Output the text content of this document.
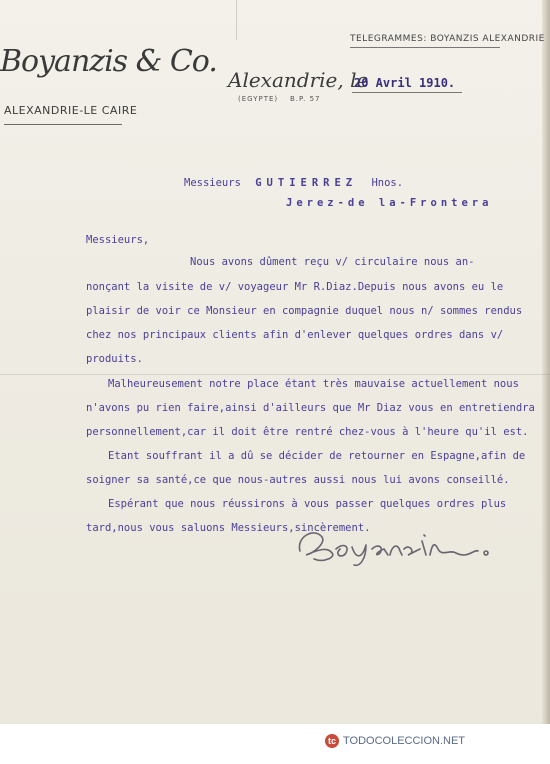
Boyanzis & Co.
ALEXANDRIE-LE CAIRE
TELEGRAMMES: BOYANZIS ALEXANDRIE
Alexandrie, le
(EGYPTE) B.P. 57
20 Avril 1910.
Messieurs GUTIERREZ Hnos.
Jerez-de la-Frontera
Messieurs,
Nous avons dûment reçu v/ circulaire nous an-
nonçant la visite de v/ voyageur Mr R.Diaz.Depuis nous avons eu le
plaisir de voir ce Monsieur en compagnie duquel nous n/ sommes rendus
chez nos principaux clients afin d'enlever quelques ordres dans v/
produits.
Malheureusement notre place étant très mauvaise actuellement nous
n'avons pu rien faire,ainsi d'ailleurs que Mr Diaz vous en entretiendra
personnellement,car il doit être rentré chez-vous à l'heure qu'il est.
Etant souffrant il a dû se décider de retourner en Espagne,afin de
soigner sa santé,ce que nous-autres aussi nous lui avons conseillé.
Espérant que nous réussirons à vous passer quelques ordres plus
tard,nous vous saluons Messieurs,sincèrement.
tc TODOCOLECCION.NET
